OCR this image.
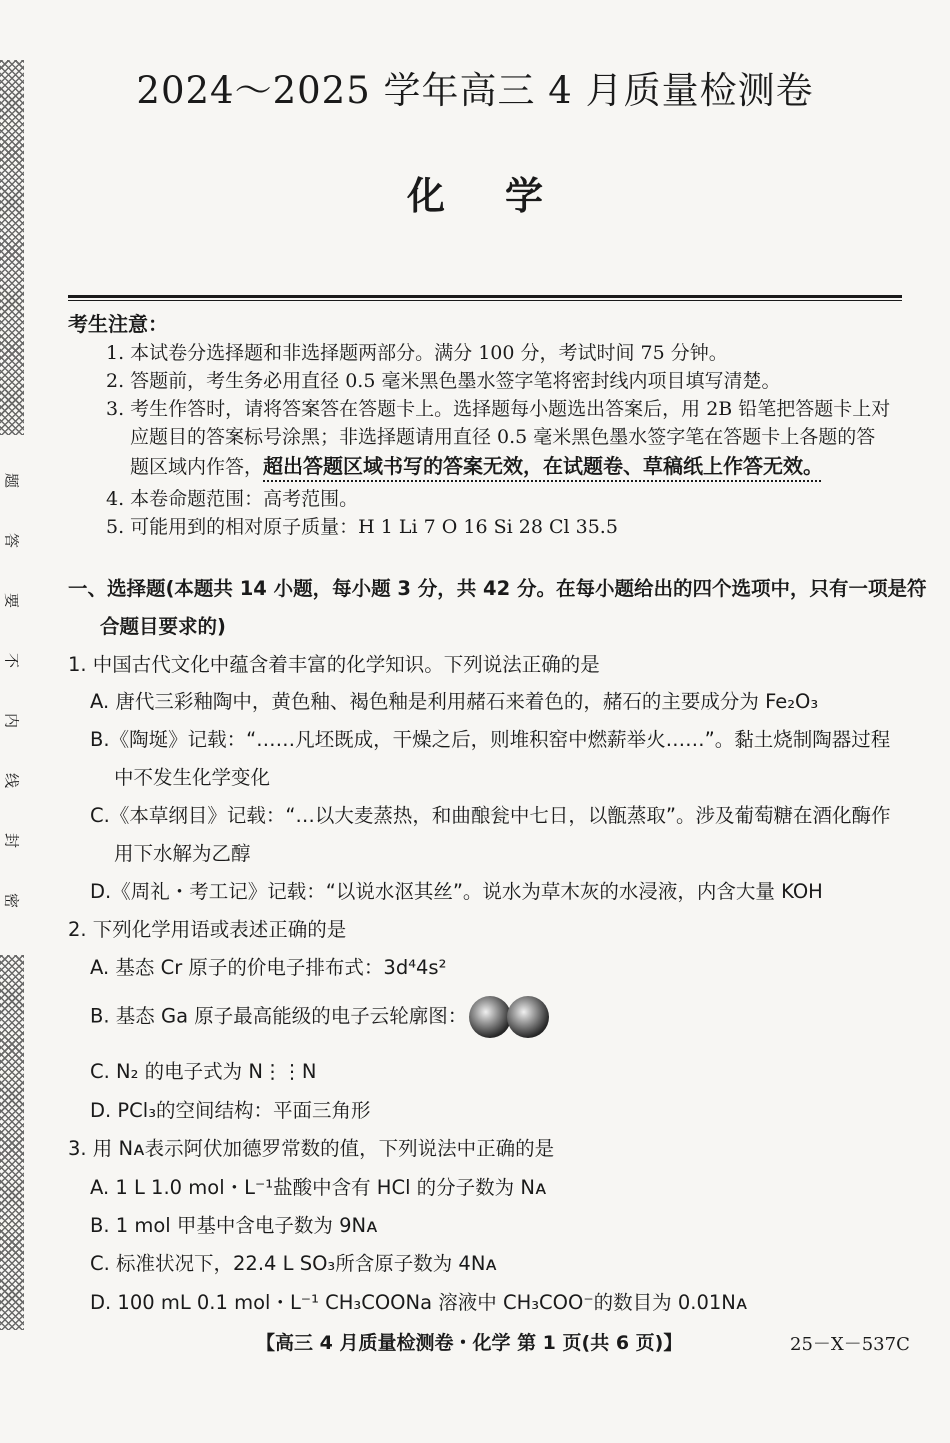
题
答
要
不
内
线
封
密
2024～2025 学年高三 4 月质量检测卷
化学
考生注意：
1. 本试卷分选择题和非选择题两部分。满分 100 分，考试时间 75 分钟。
2. 答题前，考生务必用直径 0.5 毫米黑色墨水签字笔将密封线内项目填写清楚。
3. 考生作答时，请将答案答在答题卡上。选择题每小题选出答案后，用 2B 铅笔把答题卡上对
应题目的答案标号涂黑；非选择题请用直径 0.5 毫米黑色墨水签字笔在答题卡上各题的答
题区域内作答，超出答题区域书写的答案无效，在试题卷、草稿纸上作答无效。
4. 本卷命题范围：高考范围。
5. 可能用到的相对原子质量：H 1 Li 7 O 16 Si 28 Cl 35.5
一、选择题(本题共 14 小题，每小题 3 分，共 42 分。在每小题给出的四个选项中，只有一项是符
合题目要求的)
1. 中国古代文化中蕴含着丰富的化学知识。下列说法正确的是
A. 唐代三彩釉陶中，黄色釉、褐色釉是利用赭石来着色的，赭石的主要成分为 Fe₂O₃
B.《陶埏》记载：“……凡坯既成，干燥之后，则堆积窑中燃薪举火……”。黏土烧制陶器过程
中不发生化学变化
C.《本草纲目》记载：“…以大麦蒸热，和曲酿瓮中七日，以甑蒸取”。涉及葡萄糖在酒化酶作
用下水解为乙醇
D.《周礼・考工记》记载：“以说水沤其丝”。说水为草木灰的水浸液，内含大量 KOH
2. 下列化学用语或表述正确的是
A. 基态 Cr 原子的价电子排布式：3d⁴4s²
B. 基态 Ga 原子最高能级的电子云轮廓图：
C. N₂ 的电子式为 N⋮⋮N
D. PCl₃的空间结构：平面三角形
3. 用 Nᴀ表示阿伏加德罗常数的值，下列说法中正确的是
A. 1 L 1.0 mol・L⁻¹盐酸中含有 HCl 的分子数为 Nᴀ
B. 1 mol 甲基中含电子数为 9Nᴀ
C. 标准状况下，22.4 L SO₃所含原子数为 4Nᴀ
D. 100 mL 0.1 mol・L⁻¹ CH₃COONa 溶液中 CH₃COO⁻的数目为 0.01Nᴀ
【高三 4 月质量检测卷・化学 第 1 页(共 6 页)】	25－X－537C
